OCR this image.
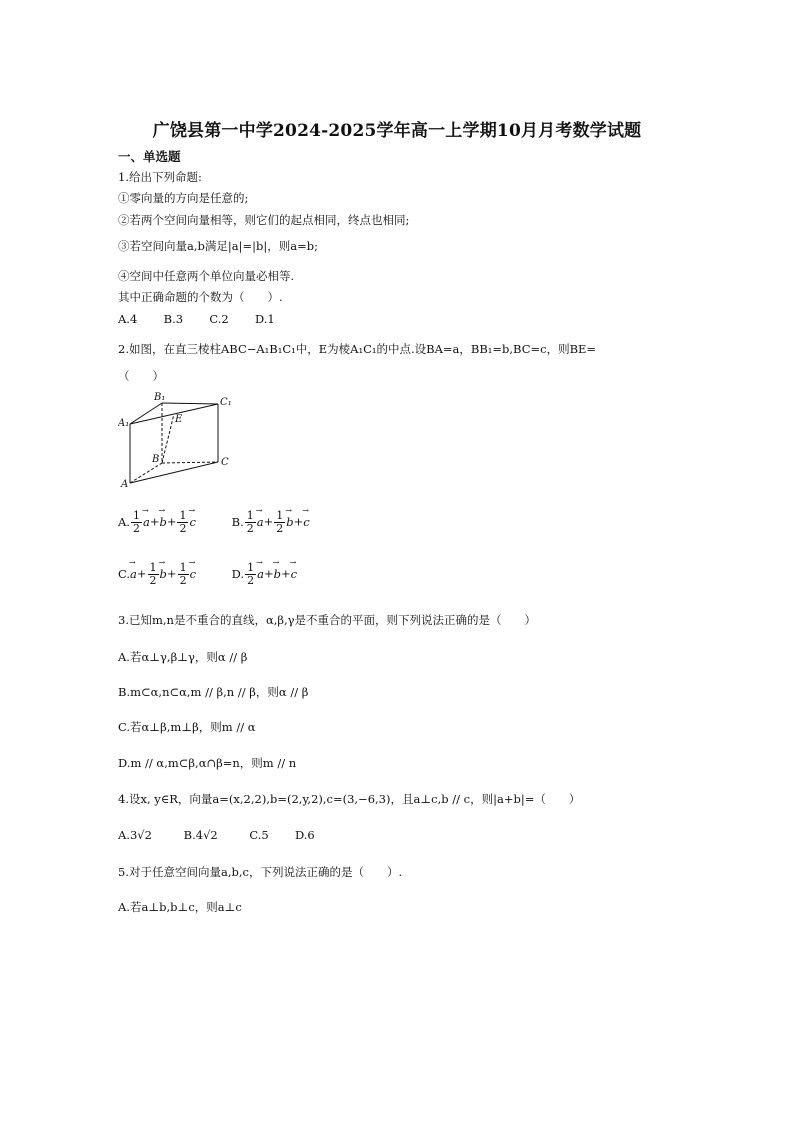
广饶县第一中学2024-2025学年高一上学期10月月考数学试题
一、单选题
1.给出下列命题:
①零向量的方向是任意的;
②若两个空间向量相等，则它们的起点相同，终点也相同;
③若空间向量a,b满足|a|=|b|，则a=b;
④空间中任意两个单位向量必相等.
其中正确命题的个数为（　　）.
A.4 B.3 C.2 D.1
2.如图，在直三棱柱ABC−A₁B₁C₁中，E为棱A₁C₁的中点.设BA=a，BB₁=b,BC=c，则BE=
（　　）
B₁	C₁
A₁	E
B	C
A
A. $\frac{1}{2} \to a+\to b+ \frac{1}{2} \to c$	B. $\frac{1}{2} \to a+ \frac{1}{2} \to b+\to c$
$C.\to a+ \frac{1}{2} \to b+ \frac{1}{2} \to c$	D. $\frac{1}{2} \to a+\to b+\to c$
3.已知m,n是不重合的直线，α,β,γ是不重合的平面，则下列说法正确的是（　　）
A.若α⊥γ,β⊥γ，则α // β
B.m⊂α,n⊂α,m // β,n // β，则α // β
C.若α⊥β,m⊥β，则m // α
D.m // α,m⊂β,α∩β=n，则m // n
4.设x, y∈R，向量a=(x,2,2),b=(2,y,2),c=(3,−6,3)，且a⊥c,b // c，则|a+b|=（　　）
A.3√2	B.4√2	C.5 D.6
5.对于任意空间向量a,b,c，下列说法正确的是（　　）.
A.若a⊥b,b⊥c，则a⊥c
